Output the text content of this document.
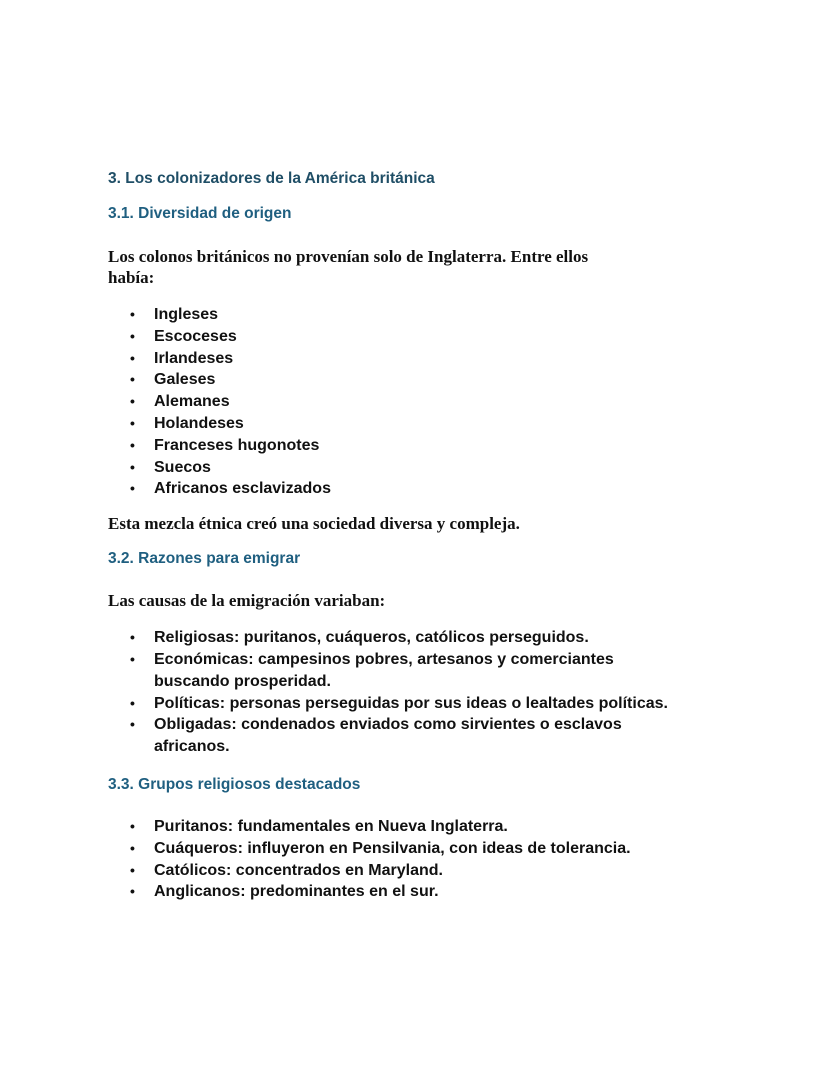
3. Los colonizadores de la América británica
3.1. Diversidad de origen

Los colonos británicos no provenían solo de Inglaterra. Entre ellos había:

• Ingleses
• Escoceses
• Irlandeses
• Galeses
• Alemanes
• Holandeses
• Franceses hugonotes
• Suecos
• Africanos esclavizados

Esta mezcla étnica creó una sociedad diversa y compleja.

3.2. Razones para emigrar

Las causas de la emigración variaban:

• Religiosas: puritanos, cuáqueros, católicos perseguidos.
• Económicas: campesinos pobres, artesanos y comerciantes buscando prosperidad.
• Políticas: personas perseguidas por sus ideas o lealtades políticas.
• Obligadas: condenados enviados como sirvientes o esclavos africanos.
3.3. Grupos religiosos destacados
• Puritanos: fundamentales en Nueva Inglaterra.
• Cuáqueros: influyeron en Pensilvania, con ideas de tolerancia.
• Católicos: concentrados en Maryland.
• Anglicanos: predominantes en el sur.
